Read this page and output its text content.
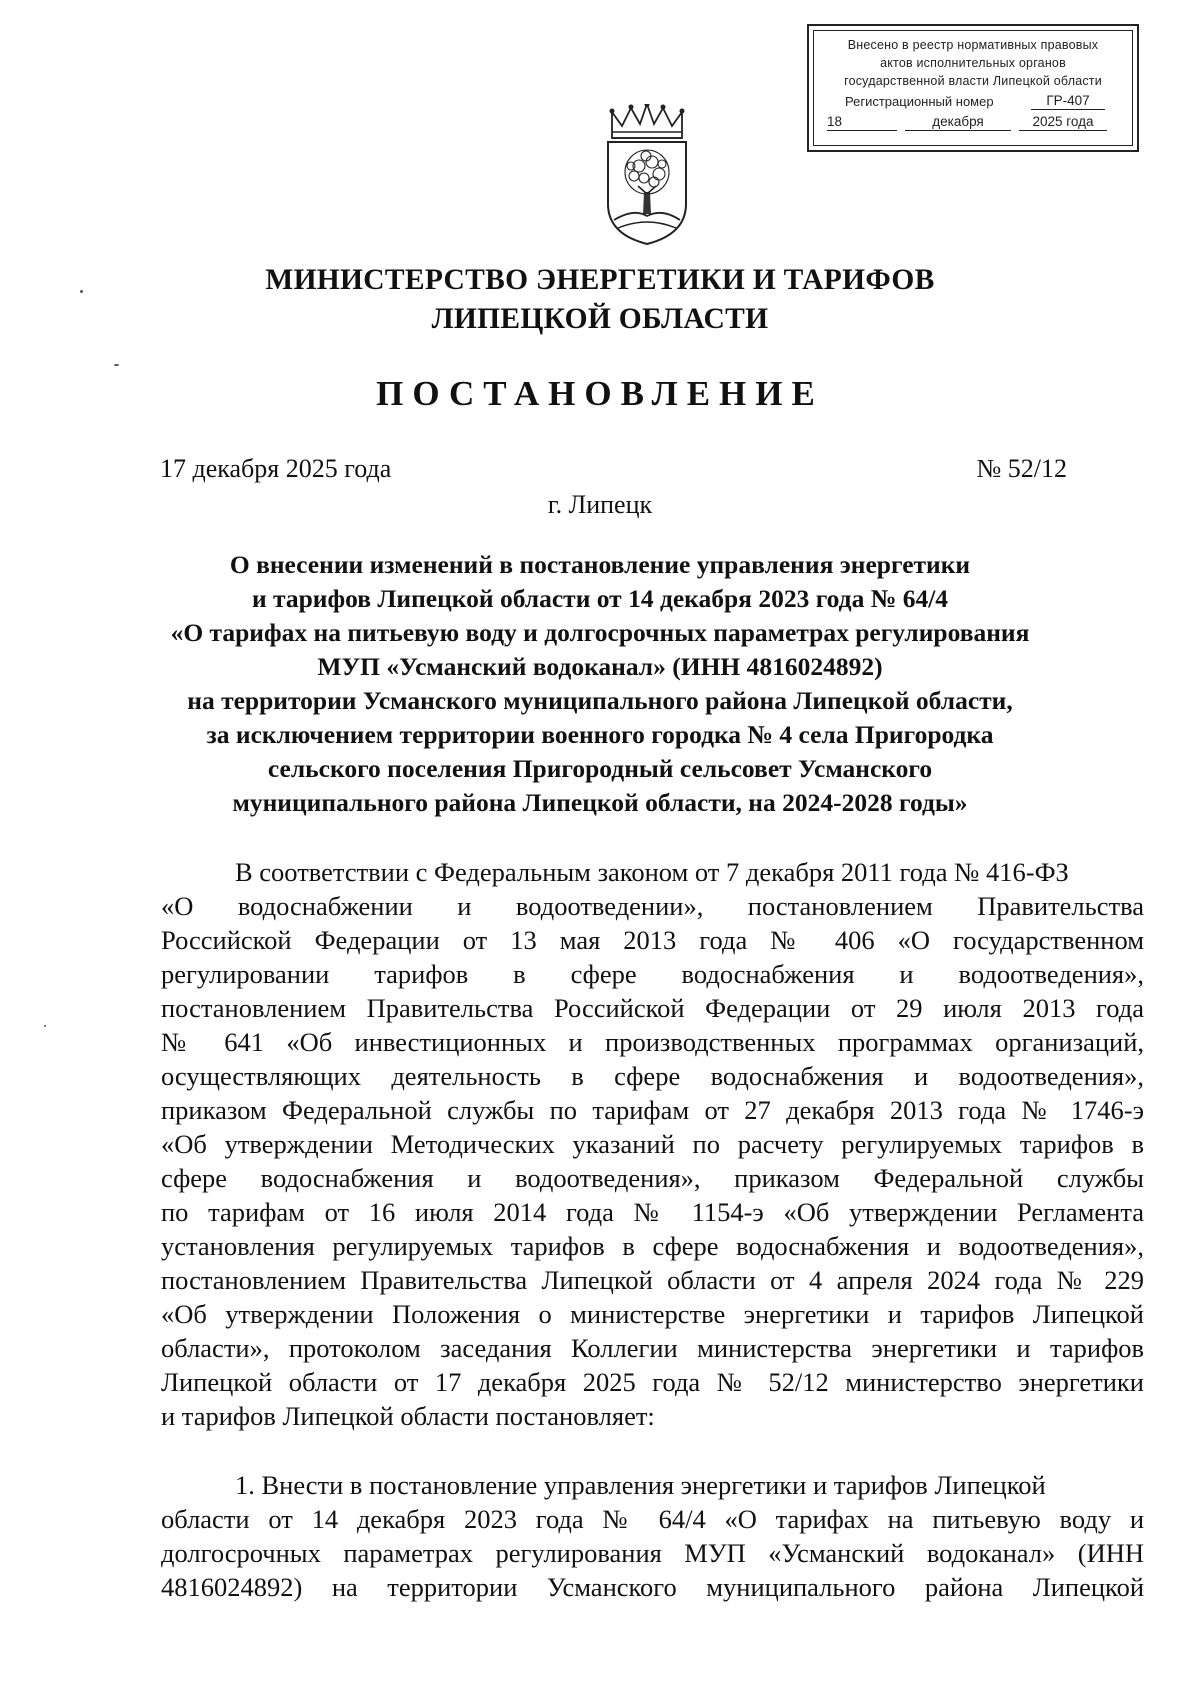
Внесено в реестр нормативных правовых
актов исполнительных органов
государственной власти Липецкой области
Регистрационный номер	ГР-407
18	декабря	2025 года
МИНИСТЕРСТВО ЭНЕРГЕТИКИ И ТАРИФОВ
ЛИПЕЦКОЙ ОБЛАСТИ
ПОСТАНОВЛЕНИЕ
17 декабря 2025 года	№ 52/12
г. Липецк
О внесении изменений в постановление управления энергетики
и тарифов Липецкой области от 14 декабря 2023 года № 64/4
«О тарифах на питьевую воду и долгосрочных параметрах регулирования
МУП «Усманский водоканал» (ИНН 4816024892)
на территории Усманского муниципального района Липецкой области,
за исключением территории военного городка № 4 села Пригородка
сельского поселения Пригородный сельсовет Усманского
муниципального района Липецкой области, на 2024-2028 годы»
В соответствии с Федеральным законом от 7 декабря 2011 года № 416-ФЗ
«О водоснабжении и водоотведении», постановлением Правительства
Российской Федерации от 13 мая 2013 года № 406 «О государственном
регулировании тарифов в сфере водоснабжения и водоотведения»,
постановлением Правительства Российской Федерации от 29 июля 2013 года
№ 641 «Об инвестиционных и производственных программах организаций,
осуществляющих деятельность в сфере водоснабжения и водоотведения»,
приказом Федеральной службы по тарифам от 27 декабря 2013 года № 1746-э
«Об утверждении Методических указаний по расчету регулируемых тарифов в
сфере водоснабжения и водоотведения», приказом Федеральной службы
по тарифам от 16 июля 2014 года № 1154-э «Об утверждении Регламента
установления регулируемых тарифов в сфере водоснабжения и водоотведения»,
постановлением Правительства Липецкой области от 4 апреля 2024 года № 229
«Об утверждении Положения о министерстве энергетики и тарифов Липецкой
области», протоколом заседания Коллегии министерства энергетики и тарифов
Липецкой области от 17 декабря 2025 года № 52/12 министерство энергетики
и тарифов Липецкой области постановляет:
1. Внести в постановление управления энергетики и тарифов Липецкой
области от 14 декабря 2023 года № 64/4 «О тарифах на питьевую воду и
долгосрочных параметрах регулирования МУП «Усманский водоканал» (ИНН
4816024892) на территории Усманского муниципального района Липецкой
